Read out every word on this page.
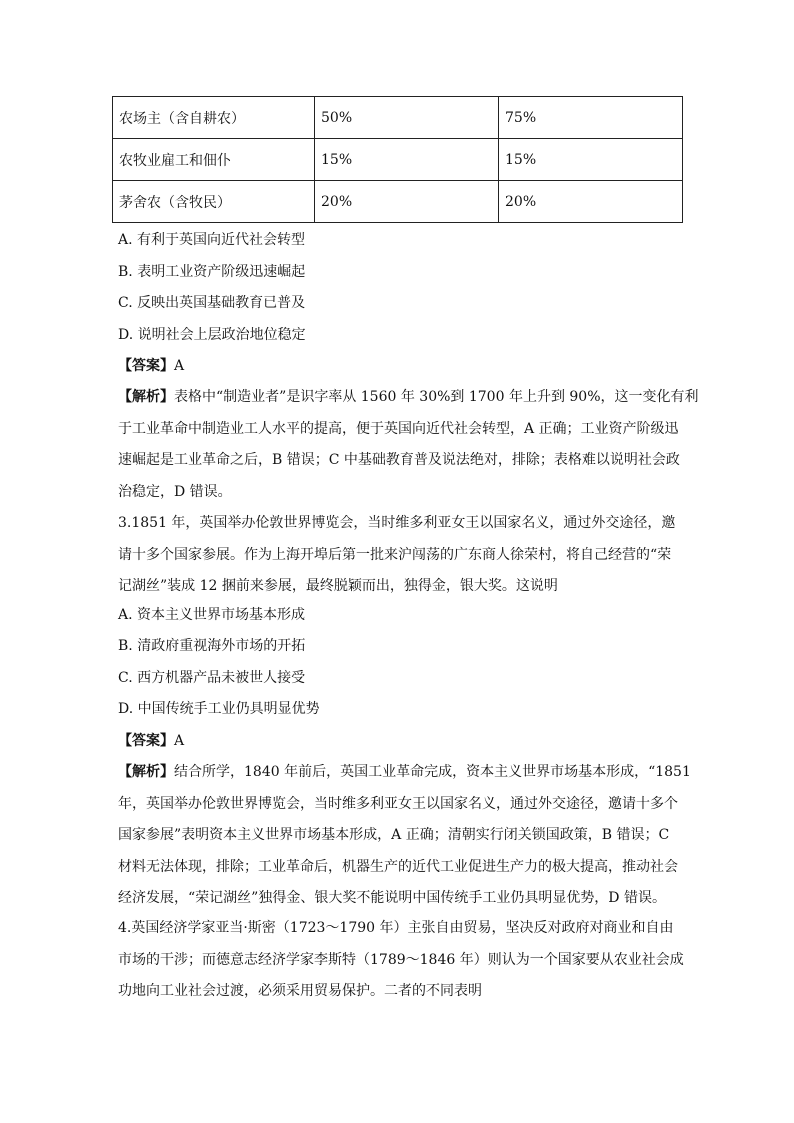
农场主（含自耕农）	50%	75%
农牧业雇工和佃仆	15%	15%
茅舍农（含牧民）	20%	20%
A. 有利于英国向近代社会转型
B. 表明工业资产阶级迅速崛起
C. 反映出英国基础教育已普及
D. 说明社会上层政治地位稳定
【答案】A
【解析】表格中“制造业者”是识字率从 1560 年 30%到 1700 年上升到 90%，这一变化有利
于工业革命中制造业工人水平的提高，便于英国向近代社会转型，A 正确；工业资产阶级迅
速崛起是工业革命之后，B 错误；C 中基础教育普及说法绝对，排除；表格难以说明社会政
治稳定，D 错误。
3.1851 年，英国举办伦敦世界博览会，当时维多利亚女王以国家名义，通过外交途径，邀
请十多个国家参展。作为上海开埠后第一批来沪闯荡的广东商人徐荣村，将自己经营的“荣
记湖丝”装成 12 捆前来参展，最终脱颖而出，独得金，银大奖。这说明
A. 资本主义世界市场基本形成
B. 清政府重视海外市场的开拓
C. 西方机器产品未被世人接受
D. 中国传统手工业仍具明显优势
【答案】A
【解析】结合所学，1840 年前后，英国工业革命完成，资本主义世界市场基本形成，“1851
年，英国举办伦敦世界博览会，当时维多利亚女王以国家名义，通过外交途径，邀请十多个
国家参展”表明资本主义世界市场基本形成，A 正确；清朝实行闭关锁国政策，B 错误；C
材料无法体现，排除；工业革命后，机器生产的近代工业促进生产力的极大提高，推动社会
经济发展，“荣记湖丝”独得金、银大奖不能说明中国传统手工业仍具明显优势，D 错误。
4.英国经济学家亚当·斯密（1723～1790 年）主张自由贸易，坚决反对政府对商业和自由
市场的干涉；而德意志经济学家李斯特（1789～1846 年）则认为一个国家要从农业社会成
功地向工业社会过渡，必须采用贸易保护。二者的不同表明
